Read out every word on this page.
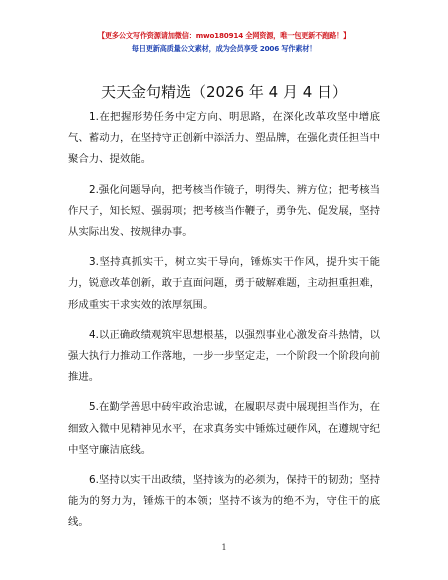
【更多公文写作资源请加微信：mwo180914 全网资源，唯一包更新不跑路！】
每日更新高质量公文素材，成为会员享受 2006 写作素材！
天天金句精选（2026 年 4 月 4 日）

1.在把握形势任务中定方向、明思路，在深化改革攻坚中增底气、蓄动力，在坚持守正创新中添活力、塑品牌，在强化责任担当中聚合力、提效能。

2.强化问题导向，把考核当作镜子，明得失、辨方位；把考核当作尺子，知长短、强弱项；把考核当作鞭子，勇争先、促发展，坚持从实际出发、按规律办事。

3.坚持真抓实干，树立实干导向，锤炼实干作风，提升实干能力，锐意改革创新，敢于直面问题，勇于破解难题，主动担重担难，形成重实干求实效的浓厚氛围。

4.以正确政绩观筑牢思想根基，以强烈事业心激发奋斗热情，以强大执行力推动工作落地，一步一步坚定走，一个阶段一个阶段向前推进。

5.在勤学善思中砖牢政治忠诚，在履职尽责中展现担当作为，在细致入微中见精神见水平，在求真务实中锤炼过硬作风，在遵规守纪中坚守廉洁底线。

6.坚持以实干出政绩，坚持该为的必须为，保持干的韧劲；坚持能为的努力为，锤炼干的本领；坚持不该为的绝不为，守住干的底线。

1
